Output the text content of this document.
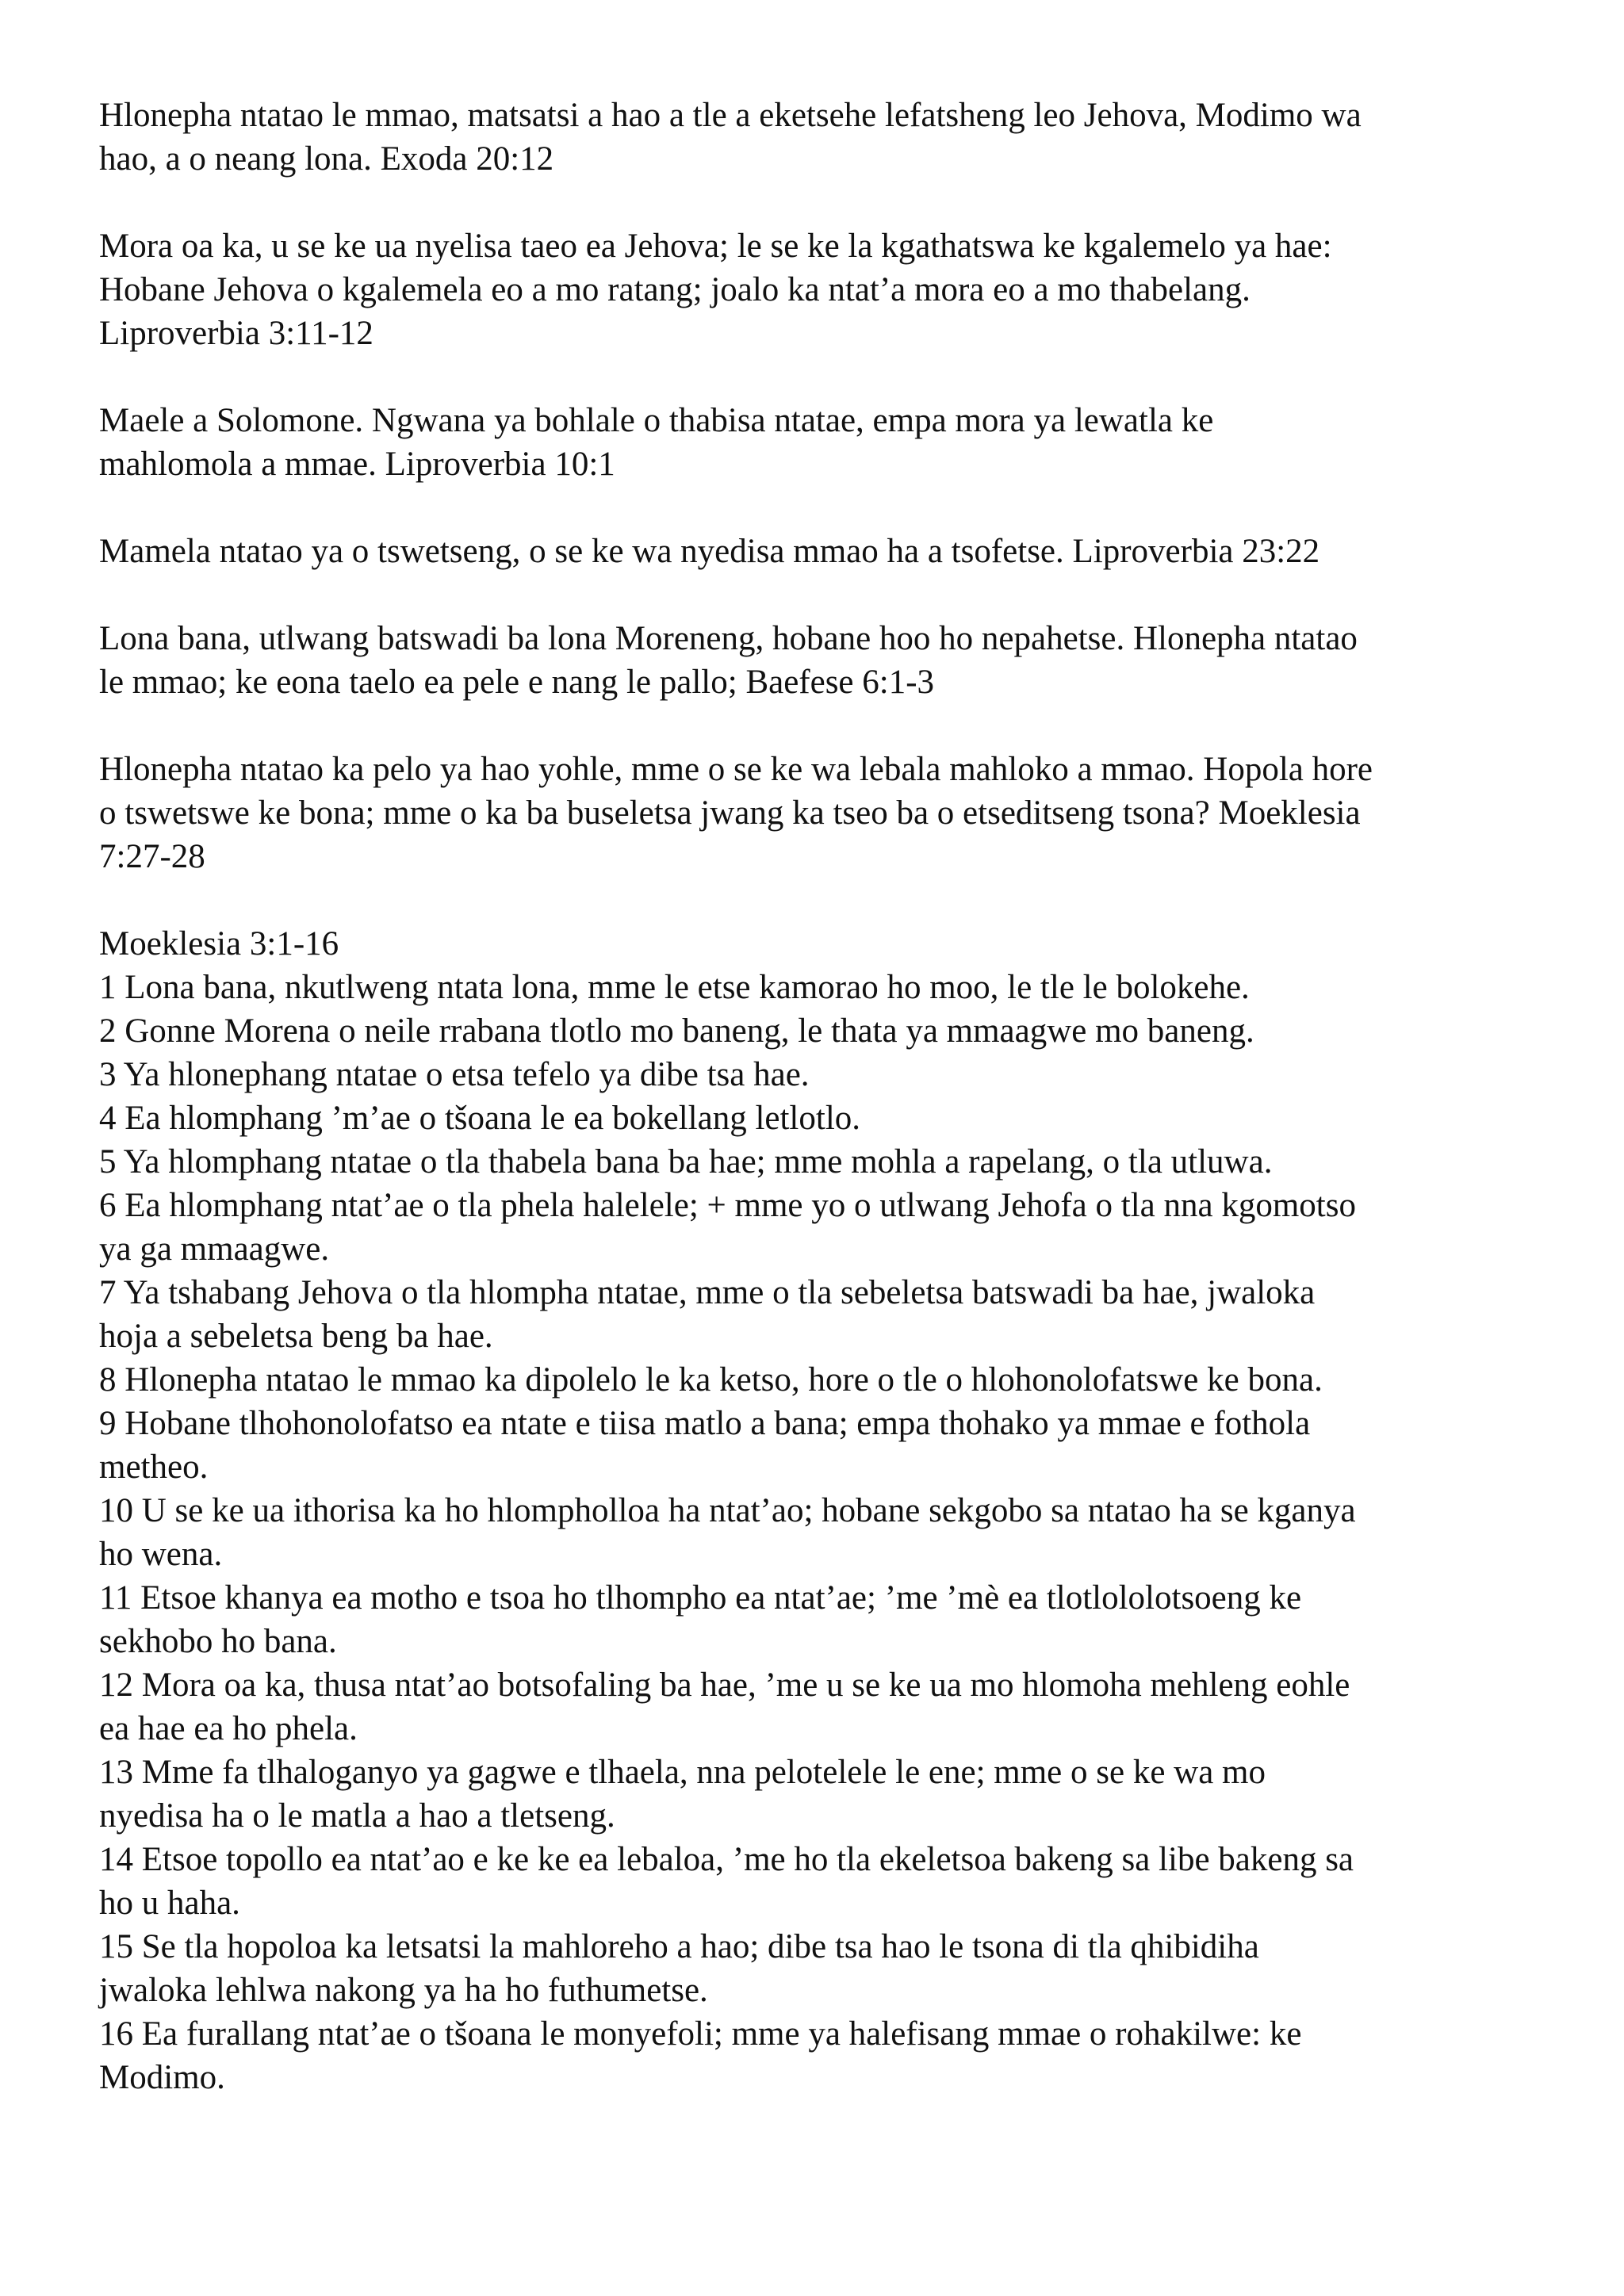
Hlonepha ntatao le mmao, matsatsi a hao a tle a eketsehe lefatsheng leo Jehova, Modimo wa
hao, a o neang lona. Exoda 20:12

Mora oa ka, u se ke ua nyelisa taeo ea Jehova; le se ke la kgathatswa ke kgalemelo ya hae:
Hobane Jehova o kgalemela eo a mo ratang; joalo ka ntat’a mora eo a mo thabelang.
Liproverbia 3:11-12

Maele a Solomone. Ngwana ya bohlale o thabisa ntatae, empa mora ya lewatla ke
mahlomola a mmae. Liproverbia 10:1

Mamela ntatao ya o tswetseng, o se ke wa nyedisa mmao ha a tsofetse. Liproverbia 23:22

Lona bana, utlwang batswadi ba lona Moreneng, hobane hoo ho nepahetse. Hlonepha ntatao
le mmao; ke eona taelo ea pele e nang le pallo; Baefese 6:1-3

Hlonepha ntatao ka pelo ya hao yohle, mme o se ke wa lebala mahloko a mmao. Hopola hore
o tswetswe ke bona; mme o ka ba buseletsa jwang ka tseo ba o etseditseng tsona? Moeklesia
7:27-28

Moeklesia 3:1-16

1 Lona bana, nkutlweng ntata lona, mme le etse kamorao ho moo, le tle le bolokehe.

2 Gonne Morena o neile rrabana tlotlo mo baneng, le thata ya mmaagwe mo baneng.

3 Ya hlonephang ntatae o etsa tefelo ya dibe tsa hae.

4 Ea hlomphang ’m’ae o tšoana le ea bokellang letlotlo.

5 Ya hlomphang ntatae o tla thabela bana ba hae; mme mohla a rapelang, o tla utluwa.

6 Ea hlomphang ntat’ae o tla phela halelele; + mme yo o utlwang Jehofa o tla nna kgomotso
ya ga mmaagwe.

7 Ya tshabang Jehova o tla hlompha ntatae, mme o tla sebeletsa batswadi ba hae, jwaloka
hoja a sebeletsa beng ba hae.

8 Hlonepha ntatao le mmao ka dipolelo le ka ketso, hore o tle o hlohonolofatswe ke bona.

9 Hobane tlhohonolofatso ea ntate e tiisa matlo a bana; empa thohako ya mmae e fothola
metheo.

10 U se ke ua ithorisa ka ho hlompholloa ha ntat’ao; hobane sekgobo sa ntatao ha se kganya
ho wena.

11 Etsoe khanya ea motho e tsoa ho tlhompho ea ntat’ae; ’me ’mè ea tlotlololotsoeng ke
sekhobo ho bana.

12 Mora oa ka, thusa ntat’ao botsofaling ba hae, ’me u se ke ua mo hlomoha mehleng eohle
ea hae ea ho phela.

13 Mme fa tlhaloganyo ya gagwe e tlhaela, nna pelotelele le ene; mme o se ke wa mo
nyedisa ha o le matla a hao a tletseng.

14 Etsoe topollo ea ntat’ao e ke ke ea lebaloa, ’me ho tla ekeletsoa bakeng sa libe bakeng sa
ho u haha.

15 Se tla hopoloa ka letsatsi la mahloreho a hao; dibe tsa hao le tsona di tla qhibidiha
jwaloka lehlwa nakong ya ha ho futhumetse.

16 Ea furallang ntat’ae o tšoana le monyefoli; mme ya halefisang mmae o rohakilwe: ke
Modimo.
